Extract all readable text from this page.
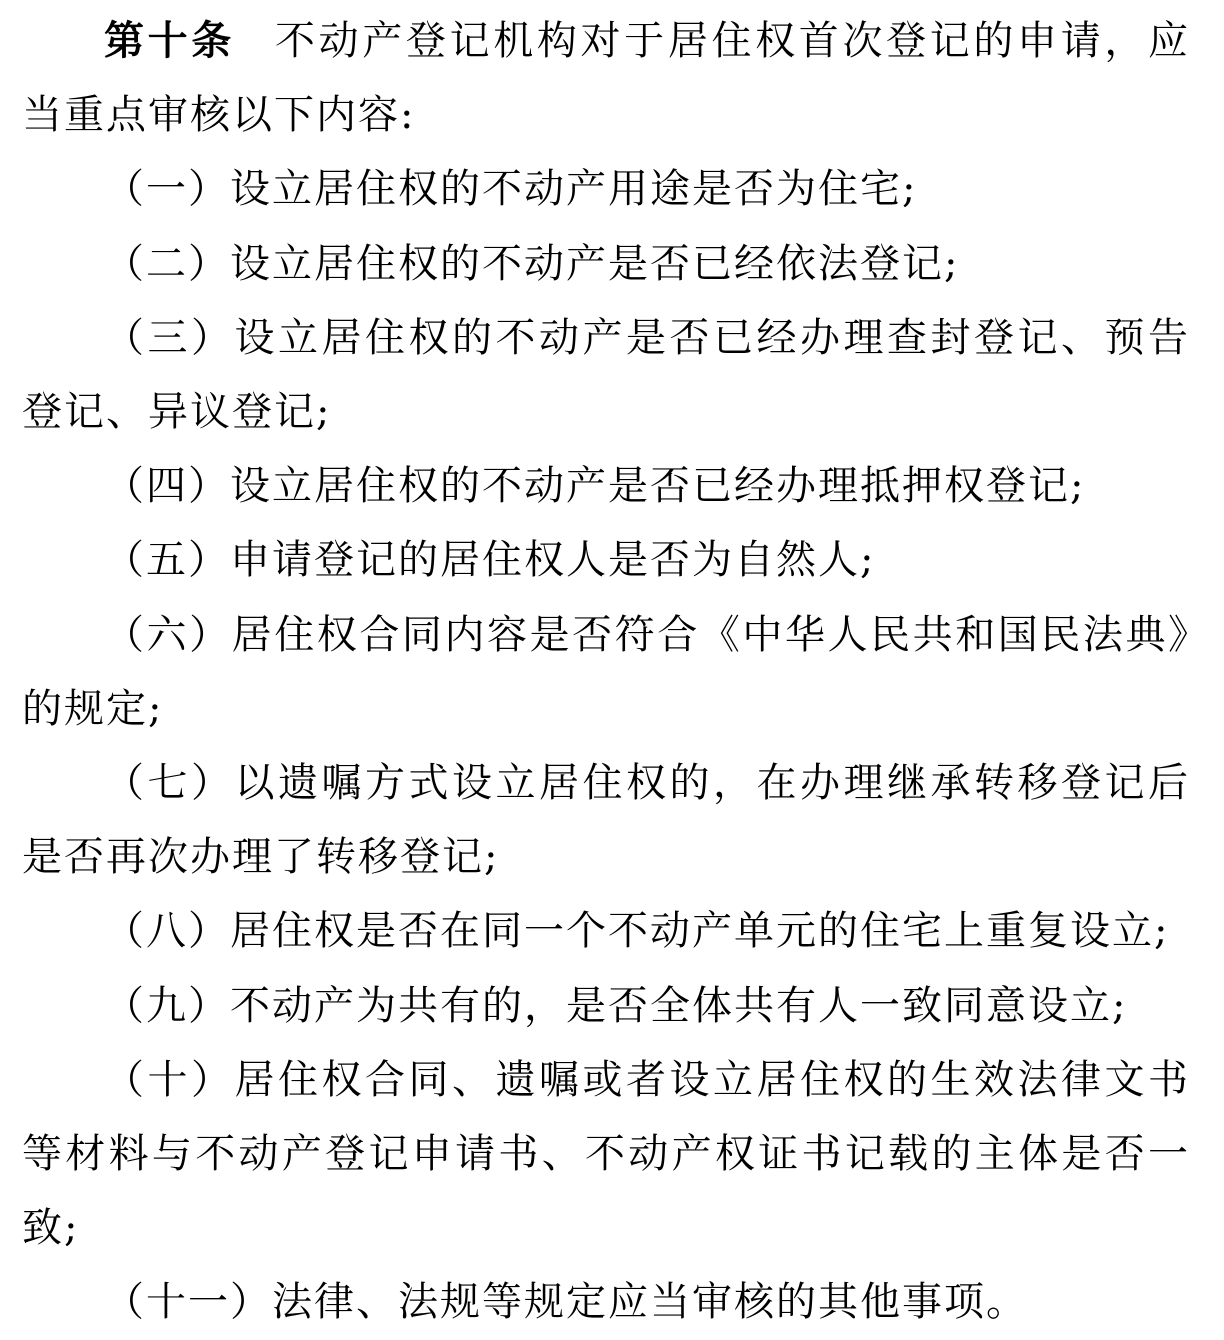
第十条 不动产登记机构对于居住权首次登记的申请，应当重点审核以下内容:

（一）设立居住权的不动产用途是否为住宅;

（二）设立居住权的不动产是否已经依法登记;

（三）设立居住权的不动产是否已经办理查封登记、预告登记、异议登记;

（四）设立居住权的不动产是否已经办理抵押权登记;

（五）申请登记的居住权人是否为自然人;

（六）居住权合同内容是否符合《中华人民共和国民法典》的规定;

（七）以遗嘱方式设立居住权的，在办理继承转移登记后是否再次办理了转移登记;

（八）居住权是否在同一个不动产单元的住宅上重复设立;

（九）不动产为共有的，是否全体共有人一致同意设立;

（十）居住权合同、遗嘱或者设立居住权的生效法律文书等材料与不动产登记申请书、不动产权证书记载的主体是否一致;

（十一）法律、法规等规定应当审核的其他事项。
